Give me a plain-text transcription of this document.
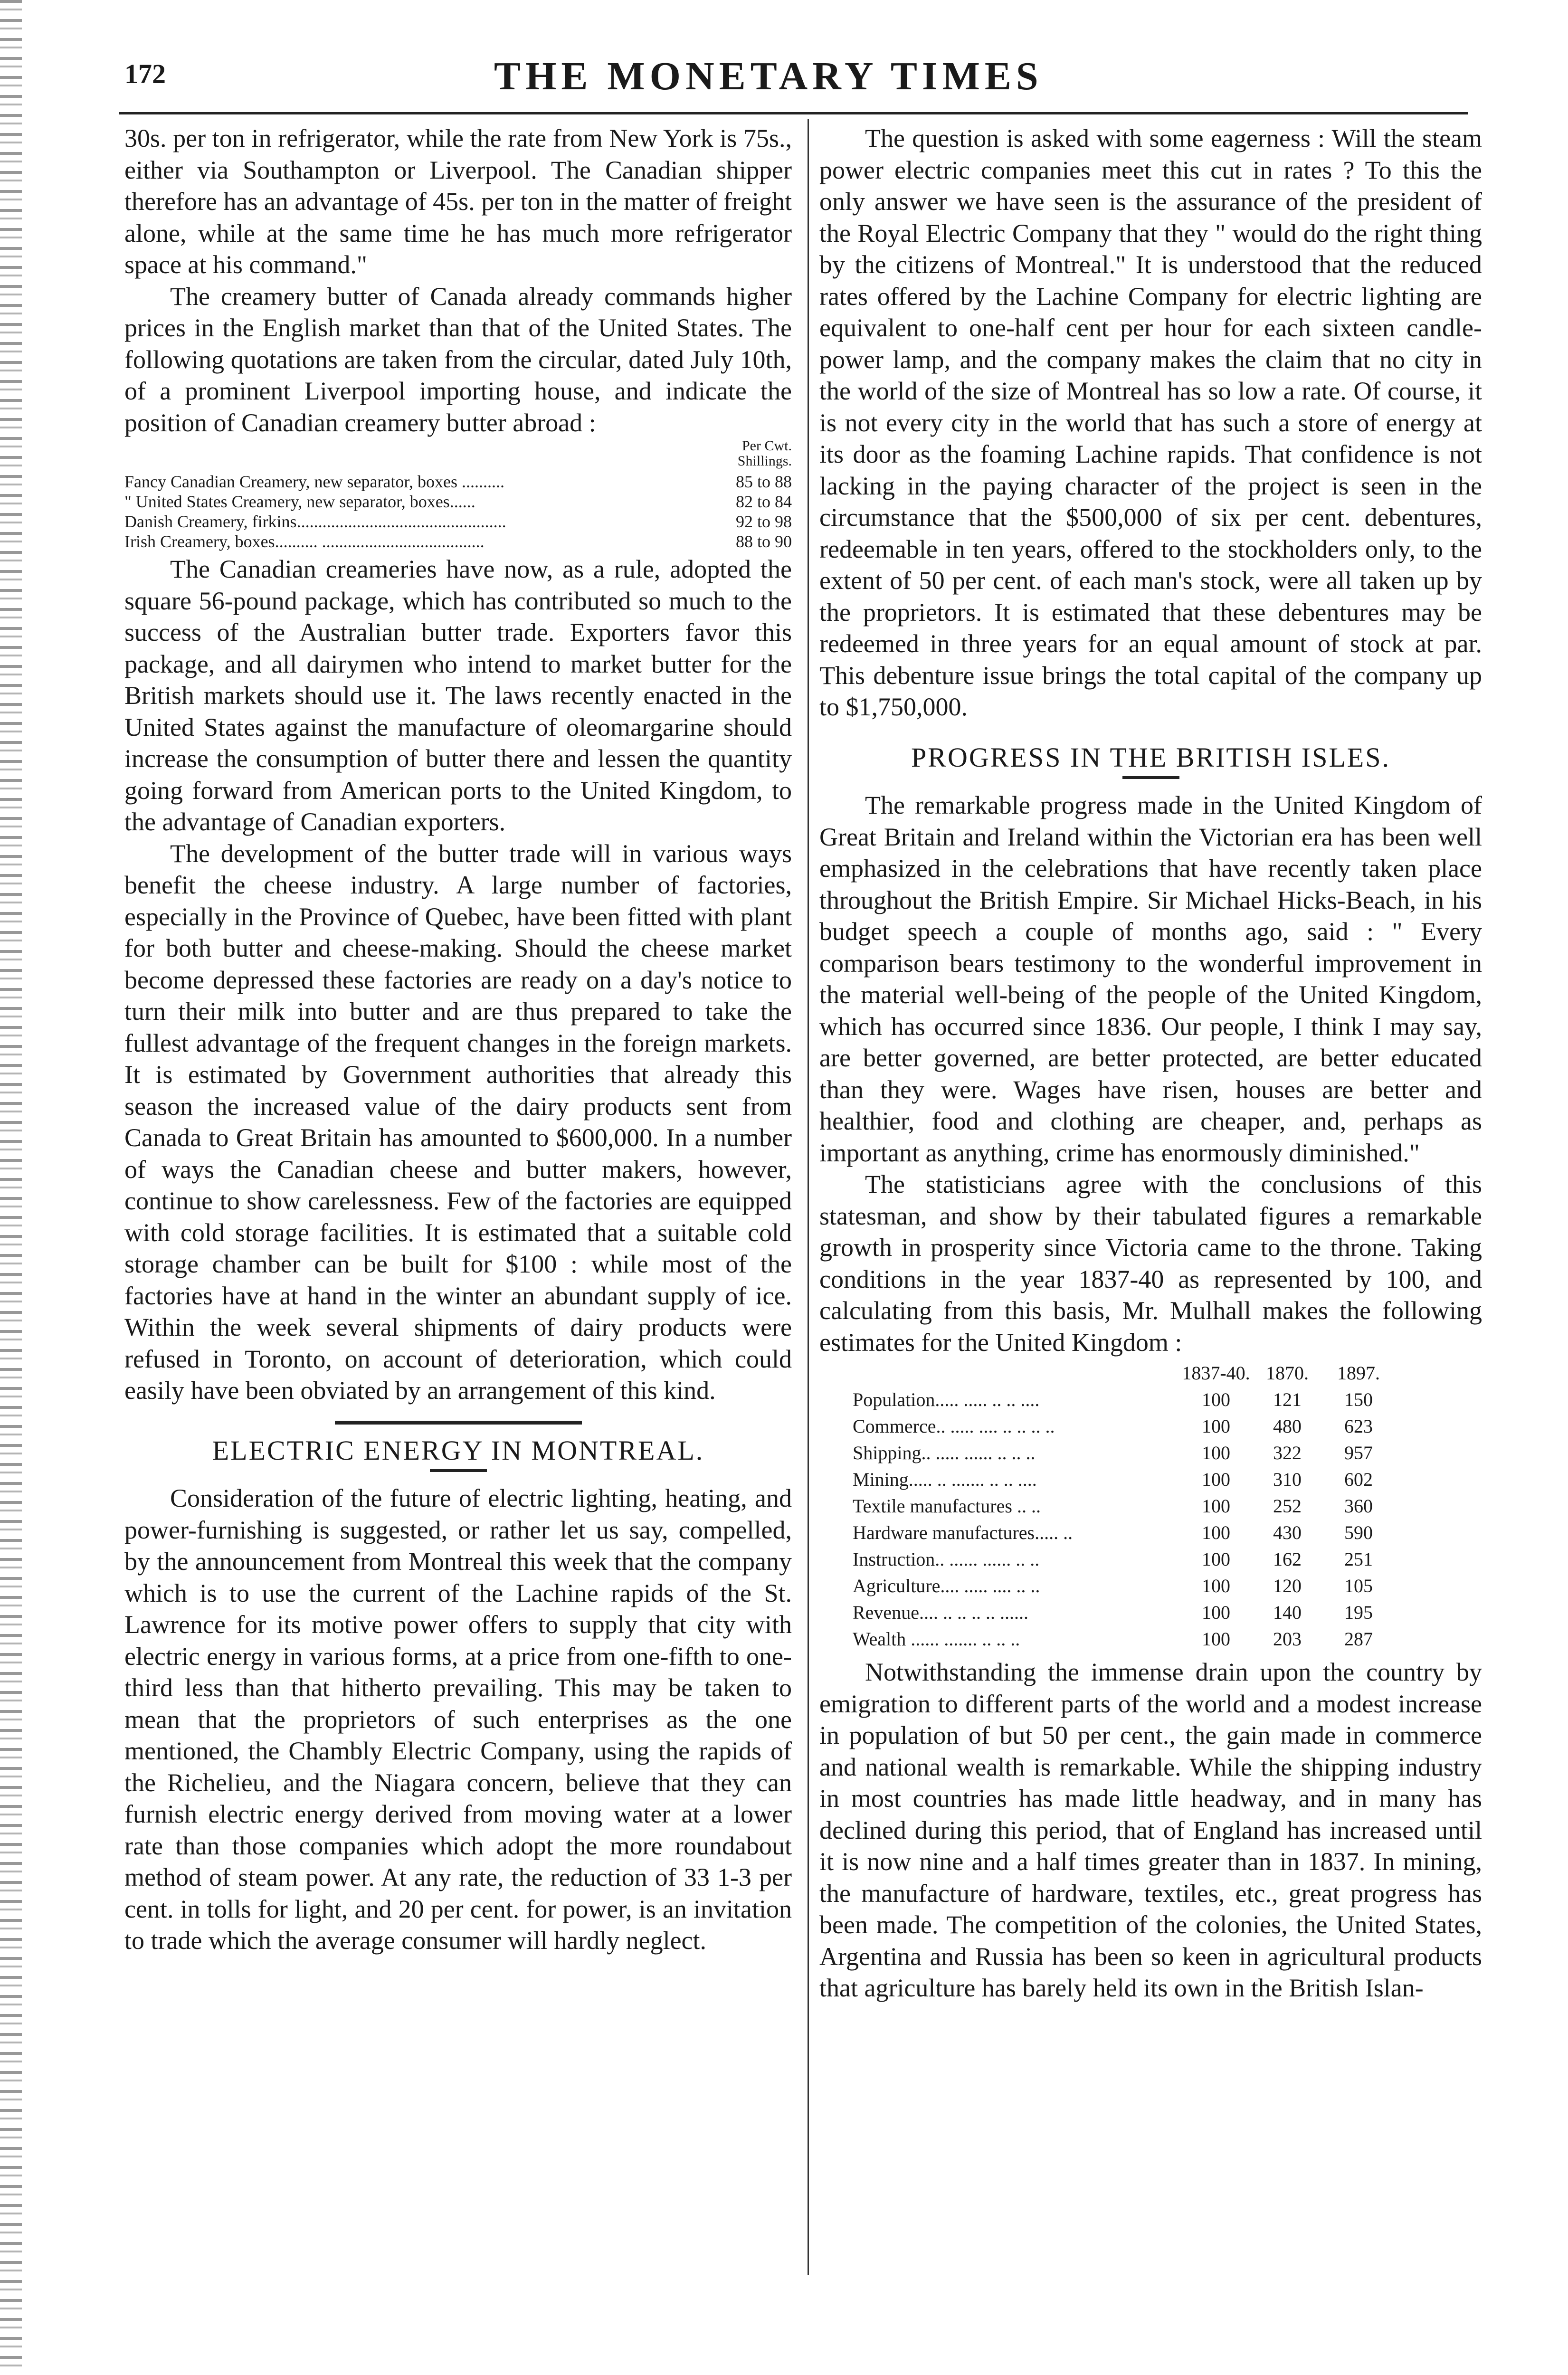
172	THE MONETARY TIMES

30s. per ton in refrigerator, while the rate from New York is 75s., either via Southampton or Liverpool. The Canadian shipper therefore has an advantage of 45s. per ton in the matter of freight alone, while at the same time he has much more refrigerator space at his command."

The creamery butter of Canada already commands higher prices in the English market than that of the United States. The following quotations are taken from the circular, dated July 10th, of a prominent Liverpool importing house, and indicate the position of Canadian creamery butter abroad :

Per Cwt.
Shillings.
Fancy Canadian Creamery, new separator, boxes ..........	85 to 88
" United States Creamery, new separator, boxes......	82 to 84
Danish Creamery, firkins.................................................	92 to 98
Irish Creamery, boxes.......... ......................................	88 to 90

The Canadian creameries have now, as a rule, adopted the square 56-pound package, which has contributed so much to the success of the Australian butter trade. Exporters favor this package, and all dairymen who intend to market butter for the British markets should use it. The laws recently enacted in the United States against the manufacture of oleomargarine should increase the consumption of butter there and lessen the quantity going forward from American ports to the United Kingdom, to the advantage of Canadian exporters.

The development of the butter trade will in various ways benefit the cheese industry. A large number of factories, especially in the Province of Quebec, have been fitted with plant for both butter and cheese-making. Should the cheese market become depressed these factories are ready on a day's notice to turn their milk into butter and are thus prepared to take the fullest advantage of the frequent changes in the foreign markets. It is estimated by Government authorities that already this season the increased value of the dairy products sent from Canada to Great Britain has amounted to $600,000. In a number of ways the Canadian cheese and butter makers, however, continue to show carelessness. Few of the factories are equipped with cold storage facilities. It is estimated that a suitable cold storage chamber can be built for $100 : while most of the factories have at hand in the winter an abundant supply of ice. Within the week several shipments of dairy products were refused in Toronto, on account of deterioration, which could easily have been obviated by an arrangement of this kind.

ELECTRIC ENERGY IN MONTREAL.

Consideration of the future of electric lighting, heating, and power-furnishing is suggested, or rather let us say, compelled, by the announcement from Montreal this week that the company which is to use the current of the Lachine rapids of the St. Lawrence for its motive power offers to supply that city with electric energy in various forms, at a price from one-fifth to one-third less than that hitherto prevailing. This may be taken to mean that the proprietors of such enterprises as the one mentioned, the Chambly Electric Company, using the rapids of the Richelieu, and the Niagara concern, believe that they can furnish electric energy derived from moving water at a lower rate than those companies which adopt the more roundabout method of steam power. At any rate, the reduction of 33 1-3 per cent. in tolls for light, and 20 per cent. for power, is an invitation to trade which the average consumer will hardly neglect.

The question is asked with some eagerness : Will the steam power electric companies meet this cut in rates ? To this the only answer we have seen is the assurance of the president of the Royal Electric Company that they " would do the right thing by the citizens of Montreal." It is understood that the reduced rates offered by the Lachine Company for electric lighting are equivalent to one-half cent per hour for each sixteen candle-power lamp, and the company makes the claim that no city in the world of the size of Montreal has so low a rate. Of course, it is not every city in the world that has such a store of energy at its door as the foaming Lachine rapids. That confidence is not lacking in the paying character of the project is seen in the circumstance that the $500,000 of six per cent. debentures, redeemable in ten years, offered to the stockholders only, to the extent of 50 per cent. of each man's stock, were all taken up by the proprietors. It is estimated that these debentures may be redeemed in three years for an equal amount of stock at par. This debenture issue brings the total capital of the company up to $1,750,000.

PROGRESS IN THE BRITISH ISLES.

The remarkable progress made in the United Kingdom of Great Britain and Ireland within the Victorian era has been well emphasized in the celebrations that have recently taken place throughout the British Empire. Sir Michael Hicks-Beach, in his budget speech a couple of months ago, said : " Every comparison bears testimony to the wonderful improvement in the material well-being of the people of the United Kingdom, which has occurred since 1836. Our people, I think I may say, are better governed, are better protected, are better educated than they were. Wages have risen, houses are better and healthier, food and clothing are cheaper, and, perhaps as important as anything, crime has enormously diminished."

The statisticians agree with the conclusions of this statesman, and show by their tabulated figures a remarkable growth in prosperity since Victoria came to the throne. Taking conditions in the year 1837-40 as represented by 100, and calculating from this basis, Mr. Mulhall makes the following estimates for the United Kingdom :

	1837-40.	1870.	1897.
Population..... ..... .. .. ....	100	121	150
Commerce.. ..... .... .. .. .. ..	100	480	623
Shipping.. ..... ...... .. .. ..	100	322	957
Mining..... .. ....... .. .. ....	100	310	602
Textile manufactures .. ..	100	252	360
Hardware manufactures..... ..	100	430	590
Instruction.. ...... ...... .. ..	100	162	251
Agriculture.... ..... .... .. ..	100	120	105
Revenue.... .. .. .. .. ......	100	140	195
Wealth ...... ....... .. .. ..	100	203	287

Notwithstanding the immense drain upon the country by emigration to different parts of the world and a modest increase in population of but 50 per cent., the gain made in commerce and national wealth is remarkable. While the shipping industry in most countries has made little headway, and in many has declined during this period, that of England has increased until it is now nine and a half times greater than in 1837. In mining, the manufacture of hardware, textiles, etc., great progress has been made. The competition of the colonies, the United States, Argentina and Russia has been so keen in agricultural products that agriculture has barely held its own in the British Islan-
